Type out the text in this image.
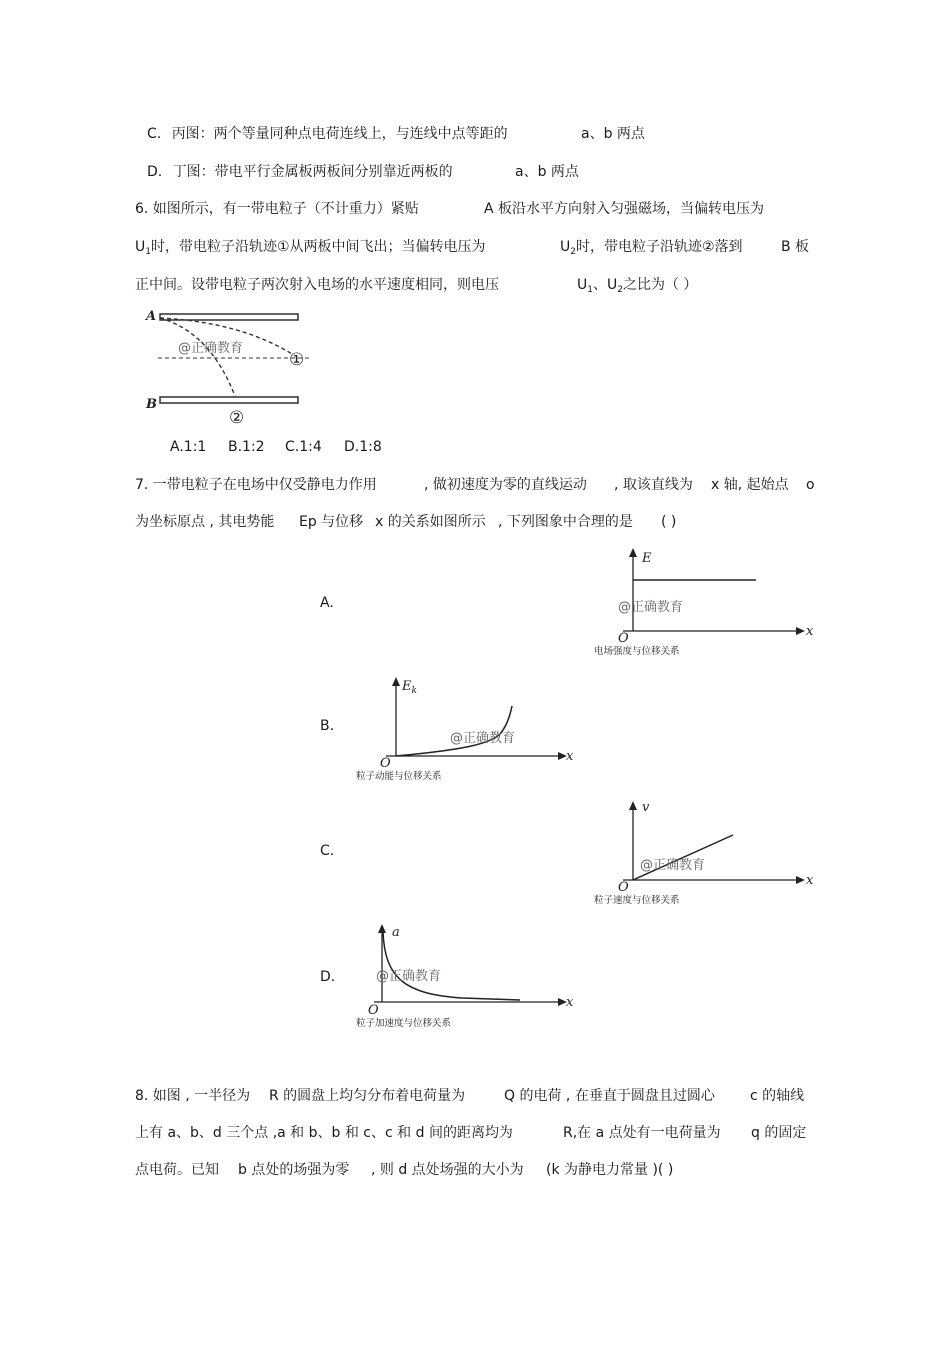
C. 丙图：两个等量同种点电荷连线上，与连线中点等距的	a、b 两点
D. 丁图：带电平行金属板两板间分别靠近两板的	a、b 两点
6. 如图所示，有一带电粒子（不计重力）紧贴	A 板沿水平方向射入匀强磁场，当偏转电压为
U1时，带电粒子沿轨迹①从两板中间飞出；当偏转电压为	U2时，带电粒子沿轨迹②落到	B 板
正中间。设带电粒子两次射入电场的水平速度相同，则电压	U1、U2之比为（ ）
A
@正确教育
①
B
②
A.1:1 B.1:2 C.1:4 D.1:8
7. 一带电粒子在电场中仅受静电力作用	, 做初速度为零的直线运动 , 取该直线为 x 轴, 起始点 o
为坐标原点 , 其电势能 Ep 与位移 x 的关系如图所示 , 下列图象中合理的是 ( )
A.
E
x
O
@正确教育
电场强度与位移关系
B.
$E_k$
x
O
@正确教育
粒子动能与位移关系
C.
v
x
O
@正确教育
粒子速度与位移关系
D.
a
x
O
@正确教育
粒子加速度与位移关系
8. 如图 , 一半径为 R 的圆盘上均匀分布着电荷量为	Q 的电荷 , 在垂直于圆盘且过圆心	c 的轴线
上有 a、b、d 三个点 ,a 和 b、b 和 c、c 和 d 间的距离均为	R,在 a 点处有一电荷量为 q 的固定
点电荷。已知 b 点处的场强为零 , 则 d 点处场强的大小为 (k 为静电力常量 )( )
